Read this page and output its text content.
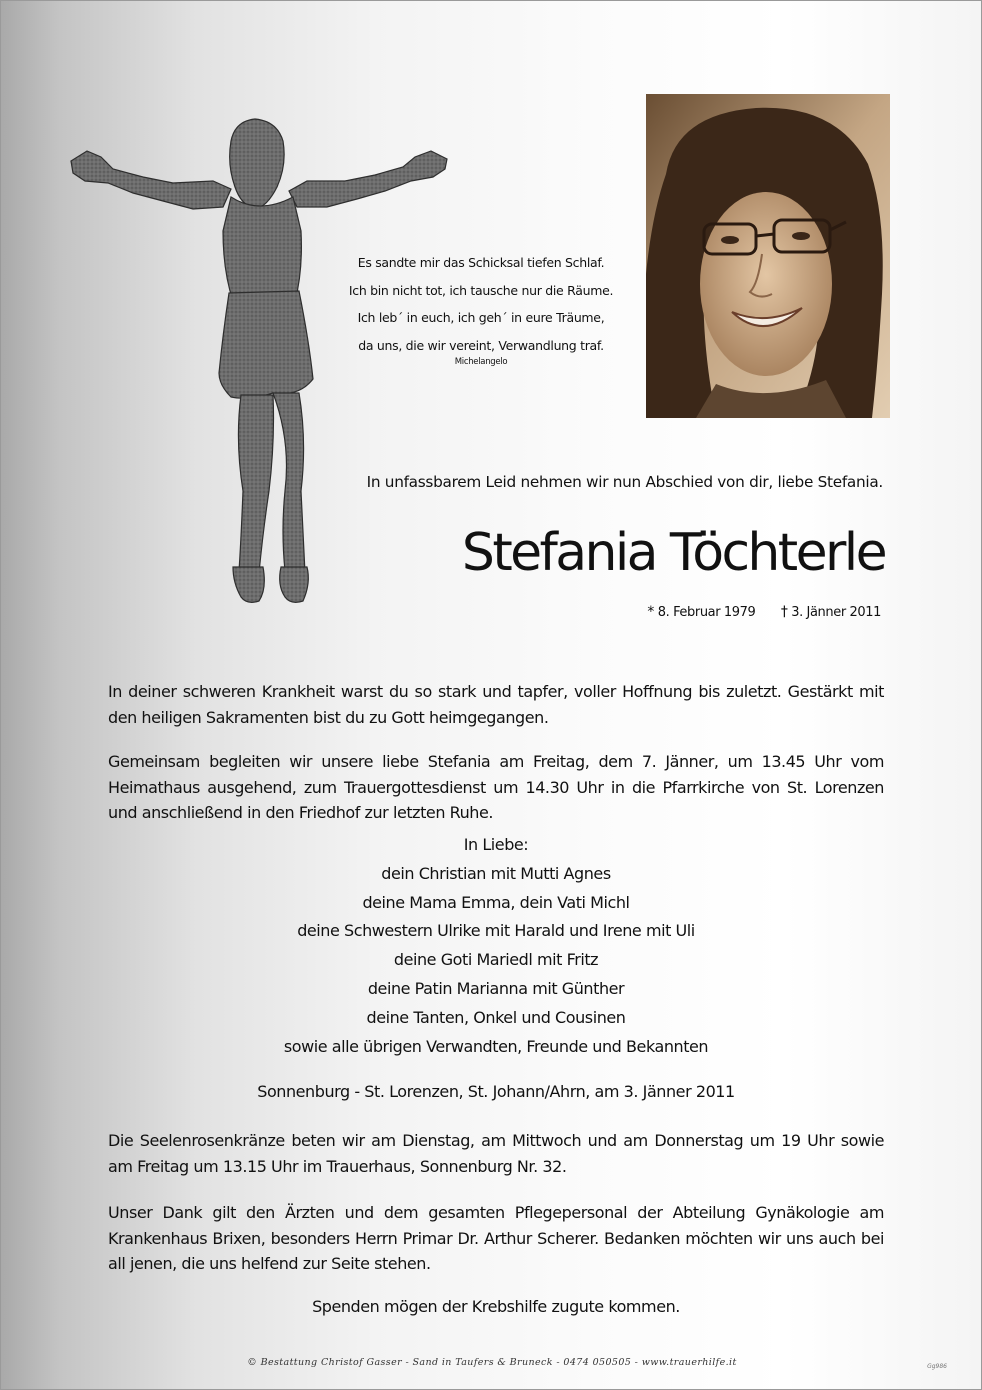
Es sandte mir das Schicksal tiefen Schlaf.
Ich bin nicht tot, ich tausche nur die Räume.
Ich leb´ in euch, ich geh´ in eure Träume,
da uns, die wir vereint, Verwandlung traf.
Michelangelo
In unfassbarem Leid nehmen wir nun Abschied von dir, liebe Stefania.
Stefania Töchterle
* 8. Februar 1979 † 3. Jänner 2011
In deiner schweren Krankheit warst du so stark und tapfer, voller Hoffnung bis zuletzt. Gestärkt mit den heiligen Sakramenten bist du zu Gott heimgegangen.
Gemeinsam begleiten wir unsere liebe Stefania am Freitag, dem 7. Jänner, um 13.45 Uhr vom Heimathaus ausgehend, zum Trauergottesdienst um 14.30 Uhr in die Pfarrkirche von St. Lorenzen und anschließend in den Friedhof zur letzten Ruhe.
In Liebe:
dein Christian mit Mutti Agnes
deine Mama Emma, dein Vati Michl
deine Schwestern Ulrike mit Harald und Irene mit Uli
deine Goti Mariedl mit Fritz
deine Patin Marianna mit Günther
deine Tanten, Onkel und Cousinen
sowie alle übrigen Verwandten, Freunde und Bekannten
Sonnenburg - St. Lorenzen, St. Johann/Ahrn, am 3. Jänner 2011
Die Seelenrosenkränze beten wir am Dienstag, am Mittwoch und am Donnerstag um 19 Uhr sowie am Freitag um 13.15 Uhr im Trauerhaus, Sonnenburg Nr. 32.
Unser Dank gilt den Ärzten und dem gesamten Pflegepersonal der Abteilung Gynäkologie am Krankenhaus Brixen, besonders Herrn Primar Dr. Arthur Scherer. Bedanken möchten wir uns auch bei all jenen, die uns helfend zur Seite stehen.
Spenden mögen der Krebshilfe zugute kommen.
© Bestattung Christof Gasser - Sand in Taufers & Bruneck - 0474 050505 - www.trauerhilfe.it	Gg986
